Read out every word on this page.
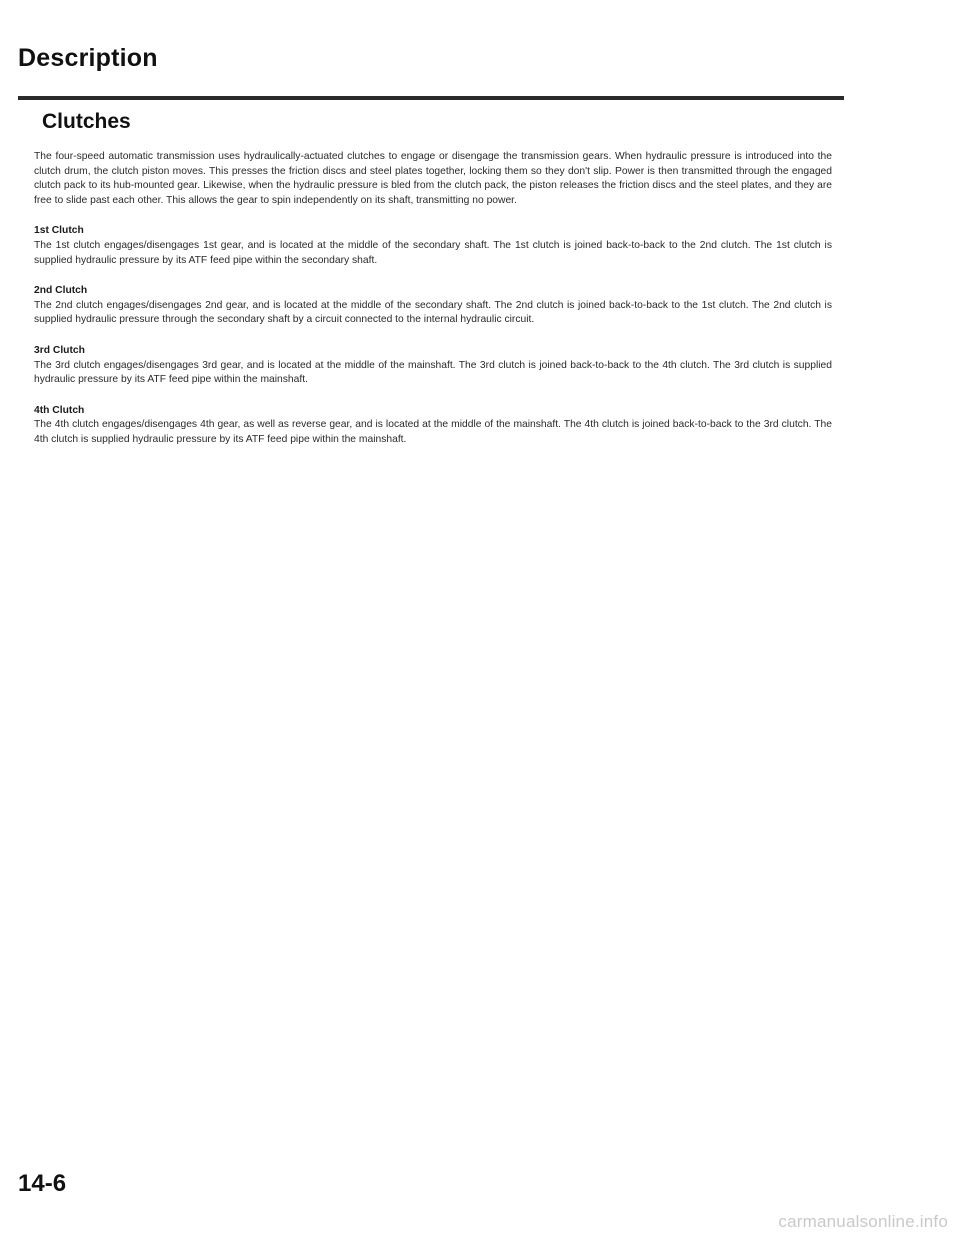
Description
Clutches

The four-speed automatic transmission uses hydraulically-actuated clutches to engage or disengage the transmission gears. When hydraulic pressure is introduced into the clutch drum, the clutch piston moves. This presses the friction discs and steel plates together, locking them so they don't slip. Power is then transmitted through the engaged clutch pack to its hub-mounted gear. Likewise, when the hydraulic pressure is bled from the clutch pack, the piston releases the friction discs and the steel plates, and they are free to slide past each other. This allows the gear to spin independently on its shaft, transmitting no power.

1st Clutch

The 1st clutch engages/disengages 1st gear, and is located at the middle of the secondary shaft. The 1st clutch is joined back-to-back to the 2nd clutch. The 1st clutch is supplied hydraulic pressure by its ATF feed pipe within the secondary shaft.

2nd Clutch

The 2nd clutch engages/disengages 2nd gear, and is located at the middle of the secondary shaft. The 2nd clutch is joined back-to-back to the 1st clutch. The 2nd clutch is supplied hydraulic pressure through the secondary shaft by a circuit connected to the internal hydraulic circuit.

3rd Clutch

The 3rd clutch engages/disengages 3rd gear, and is located at the middle of the mainshaft. The 3rd clutch is joined back-to-back to the 4th clutch. The 3rd clutch is supplied hydraulic pressure by its ATF feed pipe within the mainshaft.

4th Clutch

The 4th clutch engages/disengages 4th gear, as well as reverse gear, and is located at the middle of the mainshaft. The 4th clutch is joined back-to-back to the 3rd clutch. The 4th clutch is supplied hydraulic pressure by its ATF feed pipe within the mainshaft.

14-6

carmanualsonline.info
